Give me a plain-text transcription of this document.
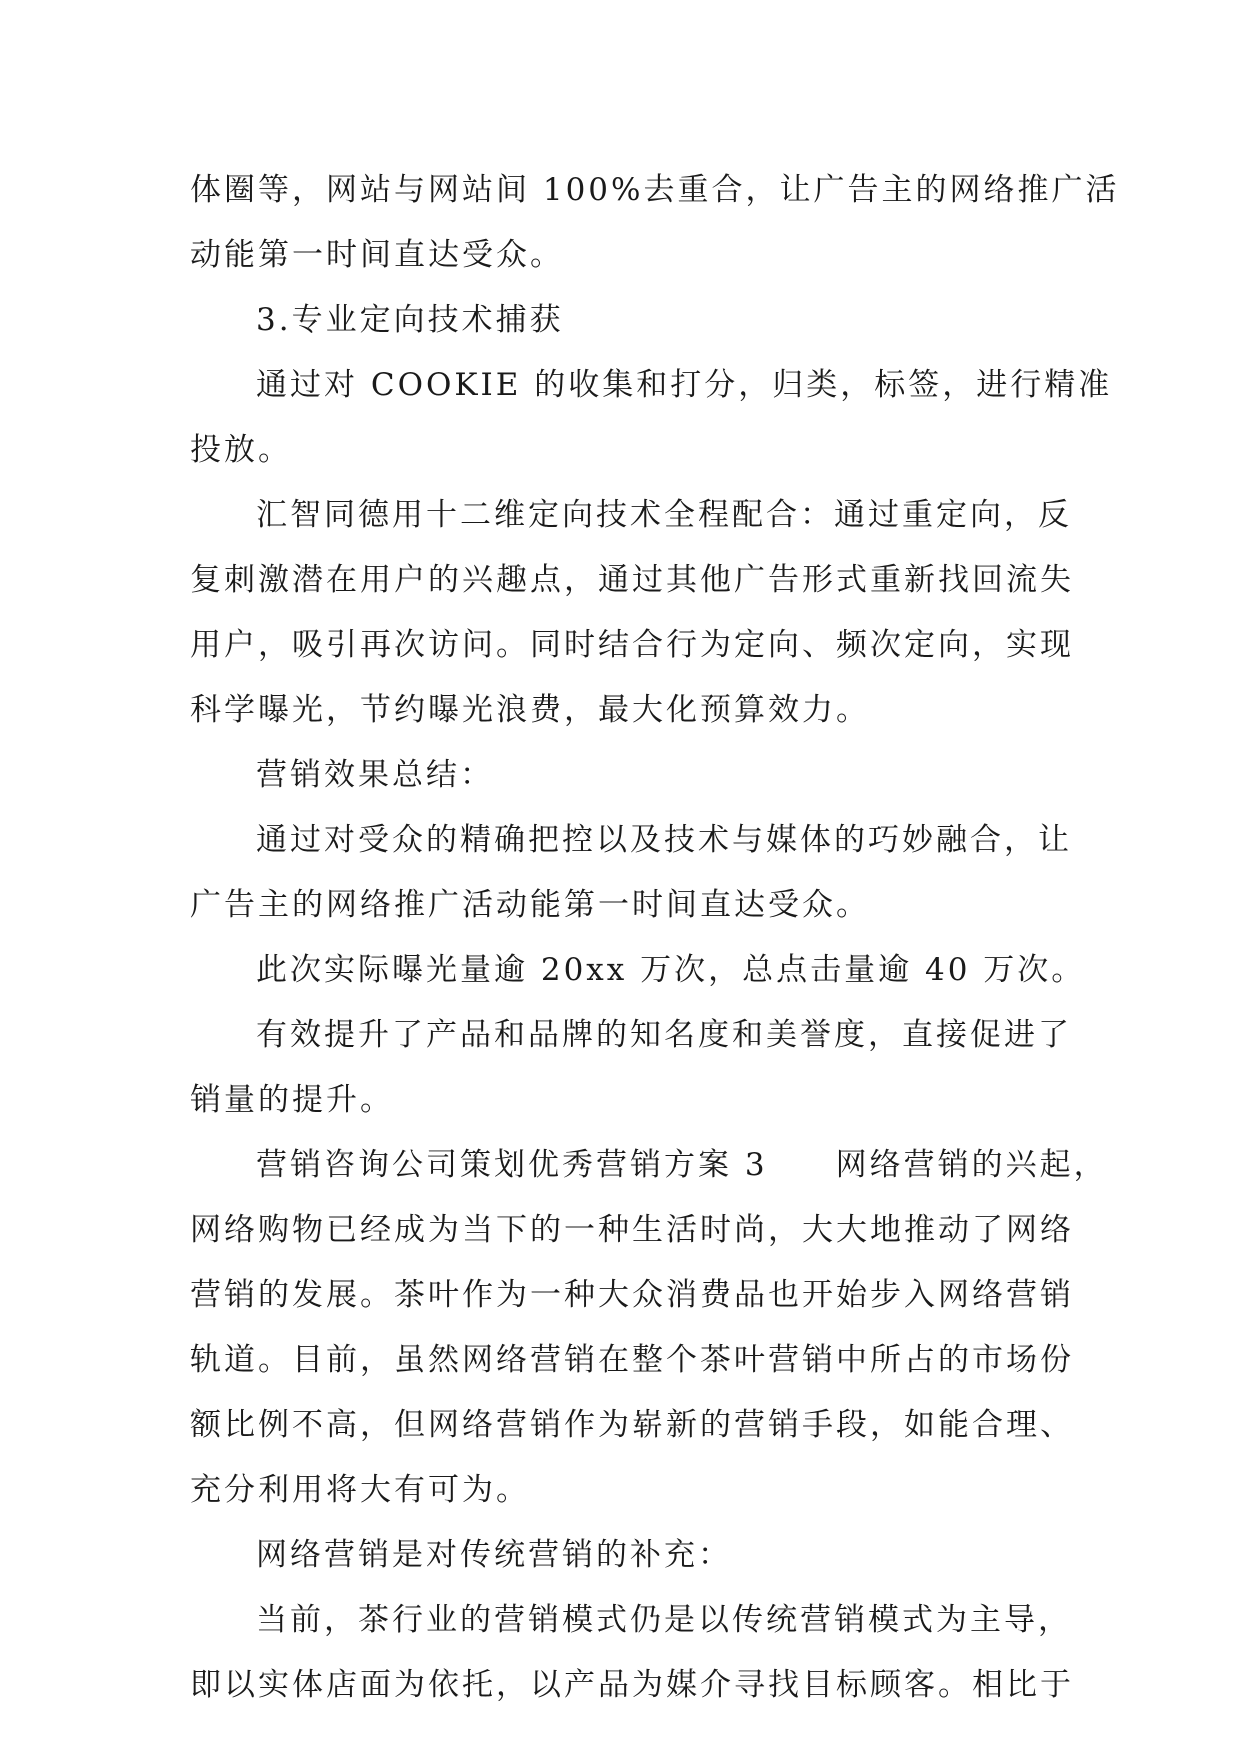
体圈等，网站与网站间 100%去重合，让广告主的网络推广活
动能第一时间直达受众。
3.专业定向技术捕获
通过对 COOKIE 的收集和打分，归类，标签，进行精准
投放。
汇智同德用十二维定向技术全程配合：通过重定向，反
复刺激潜在用户的兴趣点，通过其他广告形式重新找回流失
用户，吸引再次访问。同时结合行为定向、频次定向，实现
科学曝光，节约曝光浪费，最大化预算效力。
营销效果总结：
通过对受众的精确把控以及技术与媒体的巧妙融合，让
广告主的网络推广活动能第一时间直达受众。
此次实际曝光量逾 20xx 万次，总点击量逾 40 万次。
有效提升了产品和品牌的知名度和美誉度，直接促进了
销量的提升。
营销咨询公司策划优秀营销方案 3　　网络营销的兴起，
网络购物已经成为当下的一种生活时尚，大大地推动了网络
营销的发展。茶叶作为一种大众消费品也开始步入网络营销
轨道。目前，虽然网络营销在整个茶叶营销中所占的市场份
额比例不高，但网络营销作为崭新的营销手段，如能合理、
充分利用将大有可为。
网络营销是对传统营销的补充：
当前，茶行业的营销模式仍是以传统营销模式为主导，
即以实体店面为依托，以产品为媒介寻找目标顾客。相比于
